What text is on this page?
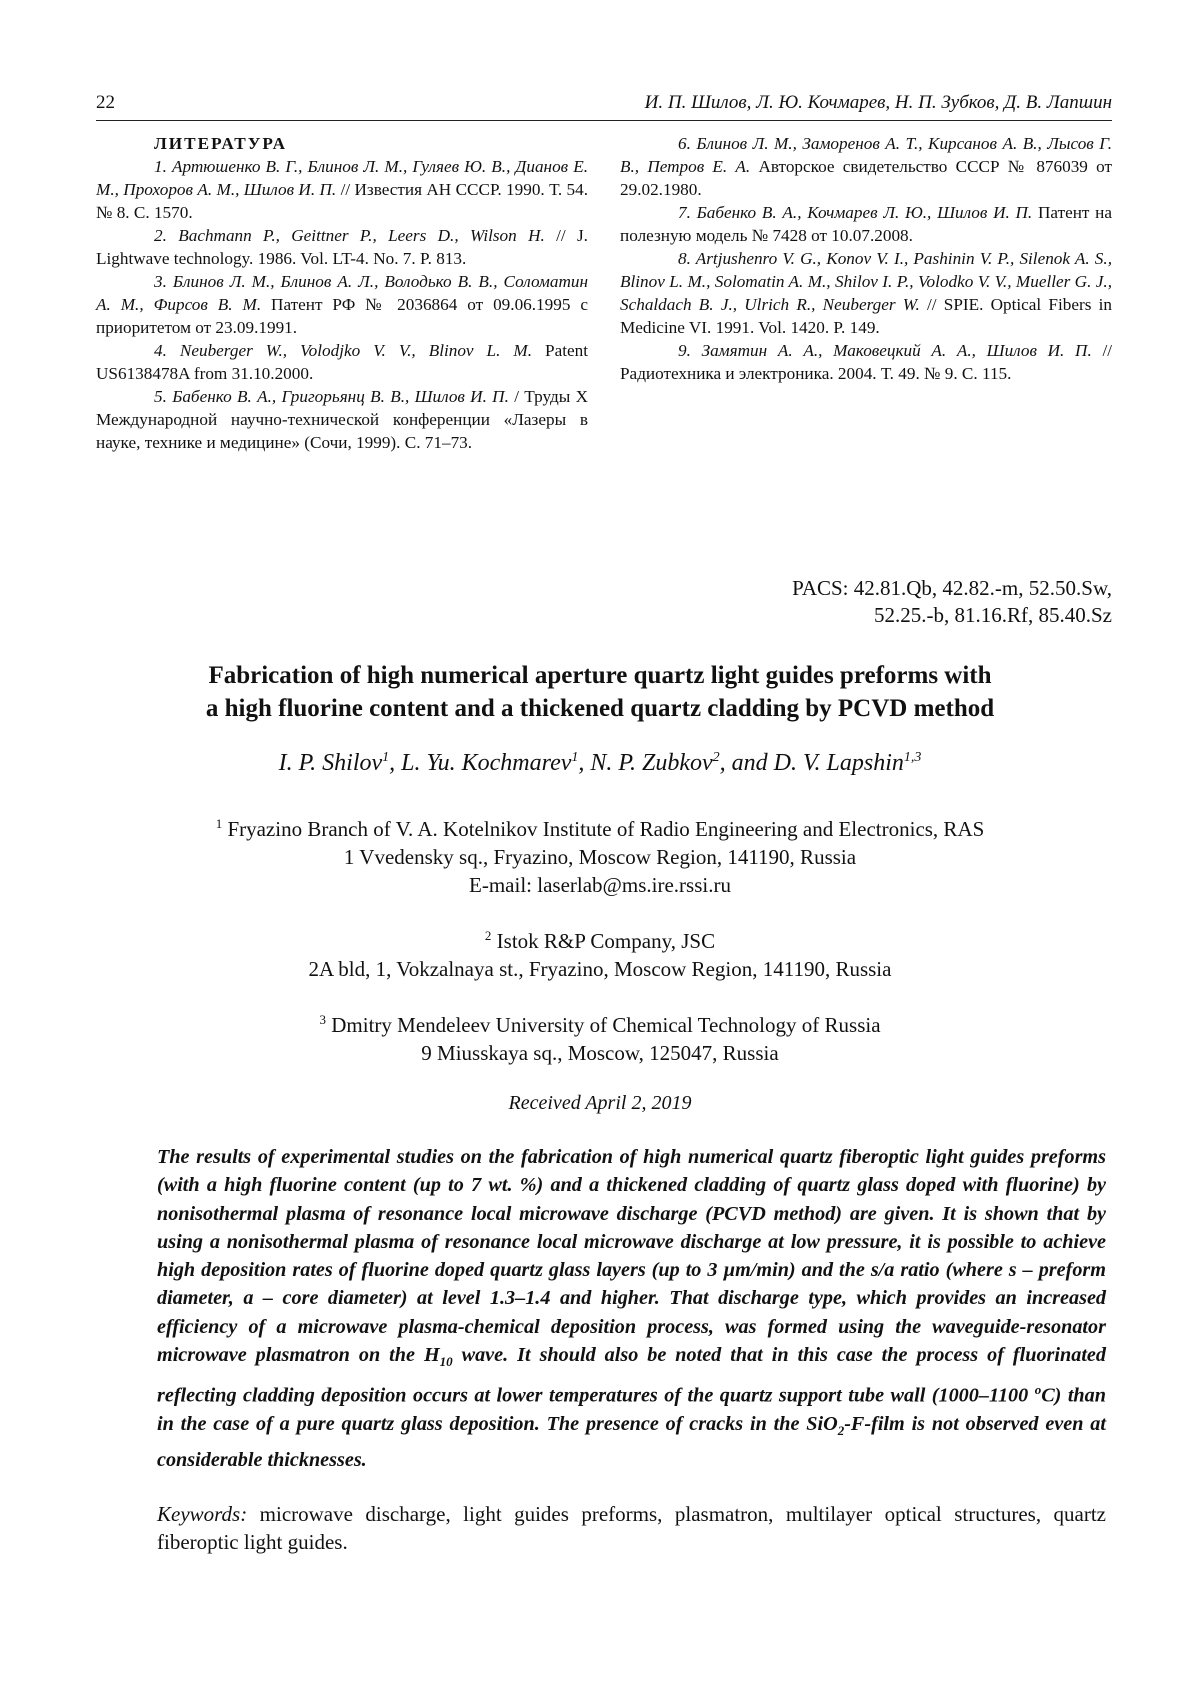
22	И. П. Шилов, Л. Ю. Кочмарев, Н. П. Зубков, Д. В. Лапшин

ЛИТЕРАТУРА

1. Артюшенко В. Г., Блинов Л. М., Гуляев Ю. В., Дианов Е. М., Прохоров А. М., Шилов И. П. // Известия АН СССР. 1990. Т. 54. № 8. С. 1570.

2. Bachmann P., Geittner P., Leers D., Wilson H. // J. Lightwave technology. 1986. Vol. LT-4. No. 7. P. 813.

3. Блинов Л. М., Блинов А. Л., Володько В. В., Соломатин А. М., Фирсов В. М. Патент РФ № 2036864 от 09.06.1995 с приоритетом от 23.09.1991.

4. Neuberger W., Volodjko V. V., Blinov L. M. Patent US6138478A from 31.10.2000.

5. Бабенко В. А., Григорьянц В. В., Шилов И. П. / Труды X Международной научно-технической конференции «Лазеры в науке, технике и медицине» (Сочи, 1999). С. 71–73.

6. Блинов Л. М., Заморенов А. Т., Кирсанов А. В., Лысов Г. В., Петров Е. А. Авторское свидетельство СССР № 876039 от 29.02.1980.

7. Бабенко В. А., Кочмарев Л. Ю., Шилов И. П. Патент на полезную модель № 7428 от 10.07.2008.

8. Artjushenro V. G., Konov V. I., Pashinin V. P., Silenok A. S., Blinov L. M., Solomatin A. M., Shilov I. P., Volodko V. V., Mueller G. J., Schaldach B. J., Ulrich R., Neuberger W. // SPIE. Optical Fibers in Medicine VI. 1991. Vol. 1420. P. 149.

9. Замятин А. А., Маковецкий А. А., Шилов И. П. // Радиотехника и электроника. 2004. Т. 49. № 9. С. 115.

PACS: 42.81.Qb, 42.82.-m, 52.50.Sw,
52.25.-b, 81.16.Rf, 85.40.Sz
Fabrication of high numerical aperture quartz light guides preforms with
a high fluorine content and a thickened quartz cladding by PCVD method
I. P. Shilov$^1$, L. Yu. Kochmarev$^1$, N. P. Zubkov$^2$, and D. V. Lapshin$^{1,3}$
$^1$ Fryazino Branch of V. A. Kotelnikov Institute of Radio Engineering and Electronics, RAS
1 Vvedensky sq., Fryazino, Moscow Region, 141190, Russia
E-mail: laserlab@ms.ire.rssi.ru
$^2$ Istok R&P Company, JSC
2A bld, 1, Vokzalnaya st., Fryazino, Moscow Region, 141190, Russia
$^3$ Dmitry Mendeleev University of Chemical Technology of Russia
9 Miusskaya sq., Moscow, 125047, Russia
Received April 2, 2019
The results of experimental studies on the fabrication of high numerical quartz fiberoptic light guides preforms (with a high fluorine content (up to 7 wt. %) and a thickened cladding of quartz glass doped with fluorine) by nonisothermal plasma of resonance local microwave discharge (PCVD method) are given. It is shown that by using a nonisothermal plasma of resonance local microwave discharge at low pressure, it is possible to achieve high deposition rates of fluorine doped quartz glass layers (up to 3 µm/min) and the s/a ratio (where s – preform diameter, a – core diameter) at level 1.3–1.4 and higher. That discharge type, which provides an increased efficiency of a microwave plasma-chemical deposition process, was formed using the waveguide-resonator microwave plasmatron on the $H_{10}$ wave. It should also be noted that in this case the process of fluorinated reflecting cladding deposition occurs at lower temperatures of the quartz support tube wall (1000–1100 $^o$C) than in the case of a pure quartz glass deposition. The presence of cracks in the SiO$_2$-F-film is not observed even at considerable thicknesses.
Keywords: microwave discharge, light guides preforms, plasmatron, multilayer optical structures, quartz fiberoptic light guides.
